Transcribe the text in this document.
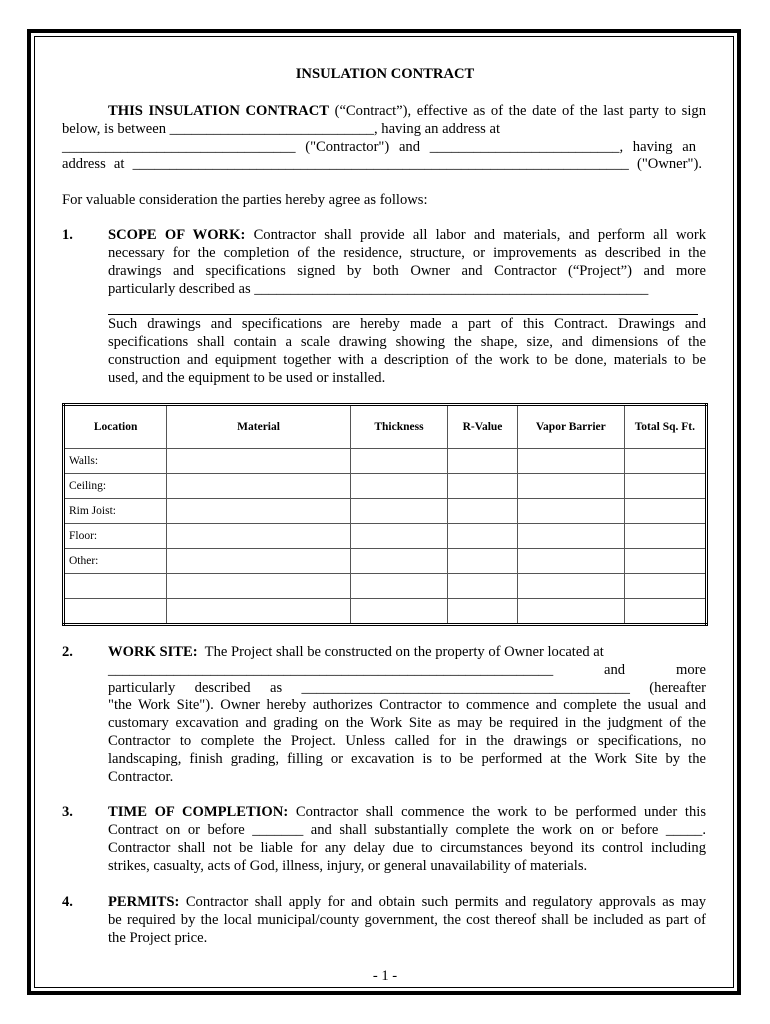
INSULATION CONTRACT
THIS INSULATION CONTRACT (“Contract”), effective as of the date of the last party to sign
below, is between ____________________________, having an address at
________________________________ ("Contractor") and __________________________, having an
address at ____________________________________________________________________ ("Owner").
For valuable consideration the parties hereby agree as follows:
1. SCOPE OF WORK: Contractor shall provide all labor and materials, and perform all work
necessary for the completion of the residence, structure, or improvements as described in the
drawings and specifications signed by both Owner and Contractor (“Project”) and more
particularly described as ______________________________________________________
Such drawings and specifications are hereby made a part of this Contract. Drawings and
specifications shall contain a scale drawing showing the shape, size, and dimensions of the
construction and equipment together with a description of the work to be done, materials to be
used, and the equipment to be used or installed.
2. WORK SITE: The Project shall be constructed on the property of Owner located at
_____________________________________________________________ and more
particularly described as _____________________________________________ (hereafter
"the Work Site"). Owner hereby authorizes Contractor to commence and complete the usual and
customary excavation and grading on the Work Site as may be required in the judgment of the
Contractor to complete the Project. Unless called for in the drawings or specifications, no
landscaping, finish grading, filling or excavation is to be performed at the Work Site by the
Contractor.
3. TIME OF COMPLETION: Contractor shall commence the work to be performed under this
Contract on or before _______ and shall substantially complete the work on or before _____.
Contractor shall not be liable for any delay due to circumstances beyond its control including
strikes, casualty, acts of God, illness, injury, or general unavailability of materials.
4. PERMITS: Contractor shall apply for and obtain such permits and regulatory approvals as may
be required by the local municipal/county government, the cost thereof shall be included as part of
the Project price.
Location	Material	Thickness	R-Value	Vapor Barrier	Total Sq. Ft.
Walls:					
Ceiling:					
Rim Joist:					
Floor:					
Other:					

- 1 -
